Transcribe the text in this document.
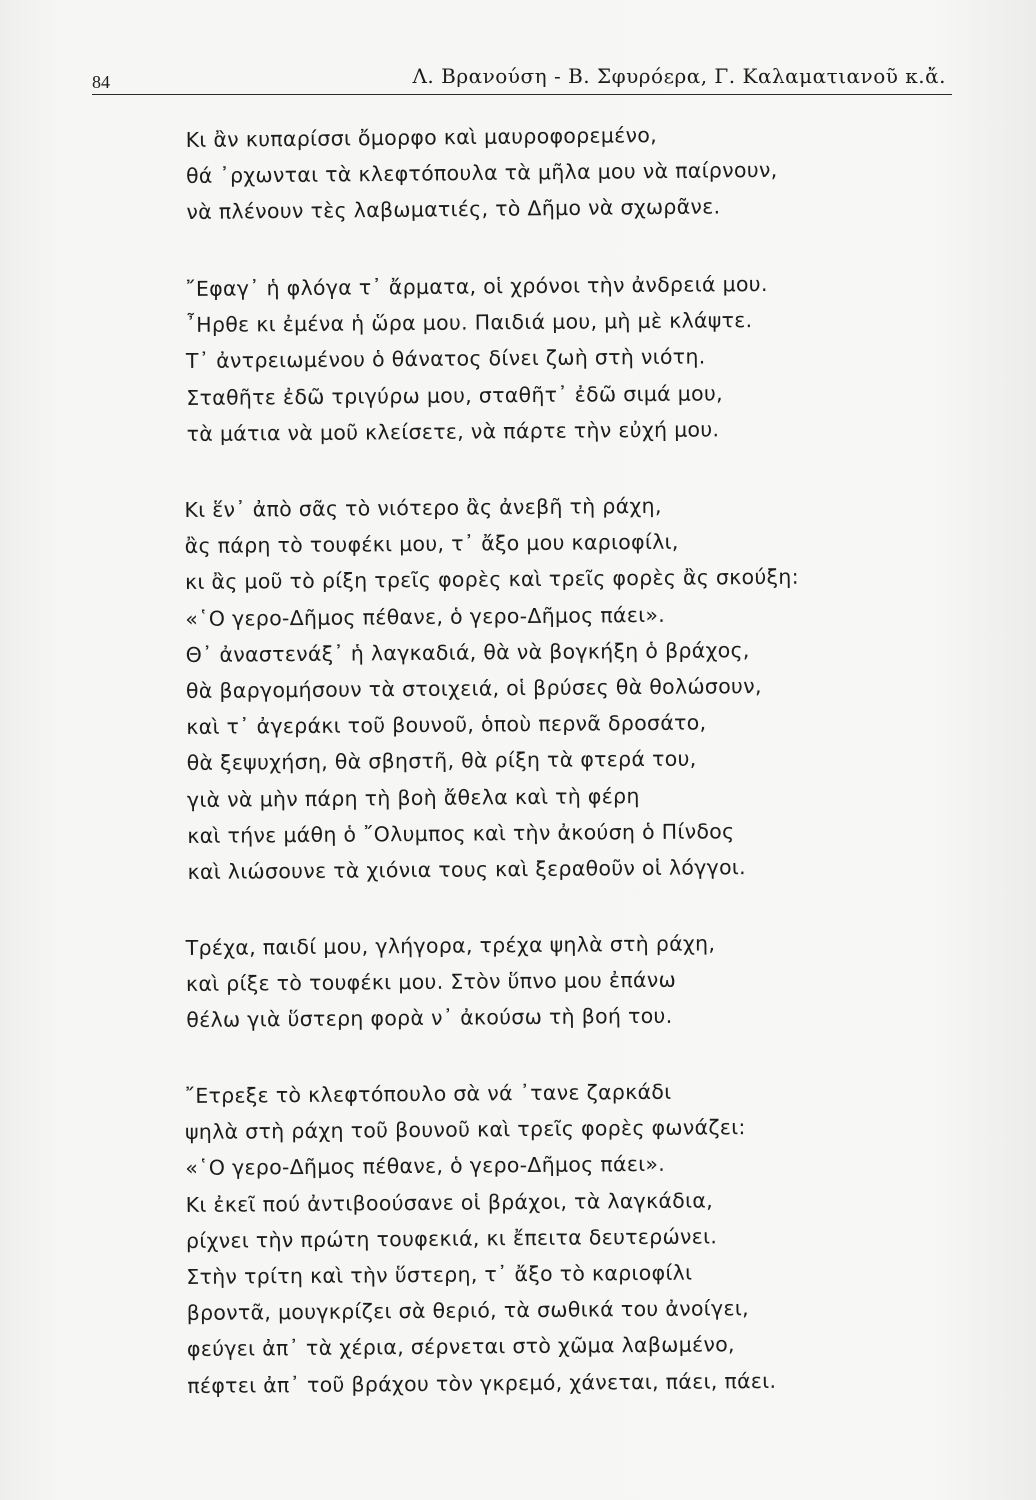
84	Λ. Βρανούση - Β. Σφυρόερα, Γ. Καλαματιανοῦ κ.ἄ.
Κι ἂν κυπαρίσσι ὄμορφο καὶ μαυροφορεμένο,
θά ᾿ρχωνται τὰ κλεφτόπουλα τὰ μῆλα μου νὰ παίρνουν,
νὰ πλένουν τὲς λαβωματιές, τὸ Δῆμο νὰ σχωρᾶνε.
῎Εφαγ᾿ ἡ φλόγα τ᾿ ἄρματα, οἱ χρόνοι τὴν ἀνδρειά μου.
῏Ηρθε κι ἐμένα ἡ ὥρα μου. Παιδιά μου, μὴ μὲ κλάψτε.
Τ᾿ ἀντρειωμένου ὁ θάνατος δίνει ζωὴ στὴ νιότη.
Σταθῆτε ἐδῶ τριγύρω μου, σταθῆτ᾿ ἐδῶ σιμά μου,
τὰ μάτια νὰ μοῦ κλείσετε, νὰ πάρτε τὴν εὐχή μου.
Κι ἕν᾿ ἀπὸ σᾶς τὸ νιότερο ἂς ἀνεβῆ τὴ ράχη,
ἂς πάρη τὸ τουφέκι μου, τ᾿ ἄξο μου καριοφίλι,
κι ἂς μοῦ τὸ ρίξη τρεῖς φορὲς καὶ τρεῖς φορὲς ἂς σκούξη:
«῾Ο γερο-Δῆμος πέθανε, ὁ γερο-Δῆμος πάει».
Θ᾿ ἀναστενάξ᾿ ἡ λαγκαδιά, θὰ νὰ βογκήξη ὁ βράχος,
θὰ βαργομήσουν τὰ στοιχειά, οἱ βρύσες θὰ θολώσουν,
καὶ τ᾿ ἀγεράκι τοῦ βουνοῦ, ὁποὺ περνᾶ δροσάτο,
θὰ ξεψυχήση, θὰ σβηστῆ, θὰ ρίξη τὰ φτερά του,
γιὰ νὰ μὴν πάρη τὴ βοὴ ἄθελα καὶ τὴ φέρη
καὶ τήνε μάθη ὁ ῎Ολυμπος καὶ τὴν ἀκούση ὁ Πίνδος
καὶ λιώσουνε τὰ χιόνια τους καὶ ξεραθοῦν οἱ λόγγοι.
Τρέχα, παιδί μου, γλήγορα, τρέχα ψηλὰ στὴ ράχη,
καὶ ρίξε τὸ τουφέκι μου. Στὸν ὕπνο μου ἐπάνω
θέλω γιὰ ὕστερη φορὰ ν᾿ ἀκούσω τὴ βοή του.
῎Ετρεξε τὸ κλεφτόπουλο σὰ νά ᾿τανε ζαρκάδι
ψηλὰ στὴ ράχη τοῦ βουνοῦ καὶ τρεῖς φορὲς φωνάζει:
«῾Ο γερο-Δῆμος πέθανε, ὁ γερο-Δῆμος πάει».
Κι ἐκεῖ πού ἀντιβοούσανε οἱ βράχοι, τὰ λαγκάδια,
ρίχνει τὴν πρώτη τουφεκιά, κι ἔπειτα δευτερώνει.
Στὴν τρίτη καὶ τὴν ὕστερη, τ᾿ ἄξο τὸ καριοφίλι
βροντᾶ, μουγκρίζει σὰ θεριό, τὰ σωθικά του ἀνοίγει,
φεύγει ἀπ᾿ τὰ χέρια, σέρνεται στὸ χῶμα λαβωμένο,
πέφτει ἀπ᾿ τοῦ βράχου τὸν γκρεμό, χάνεται, πάει, πάει.
